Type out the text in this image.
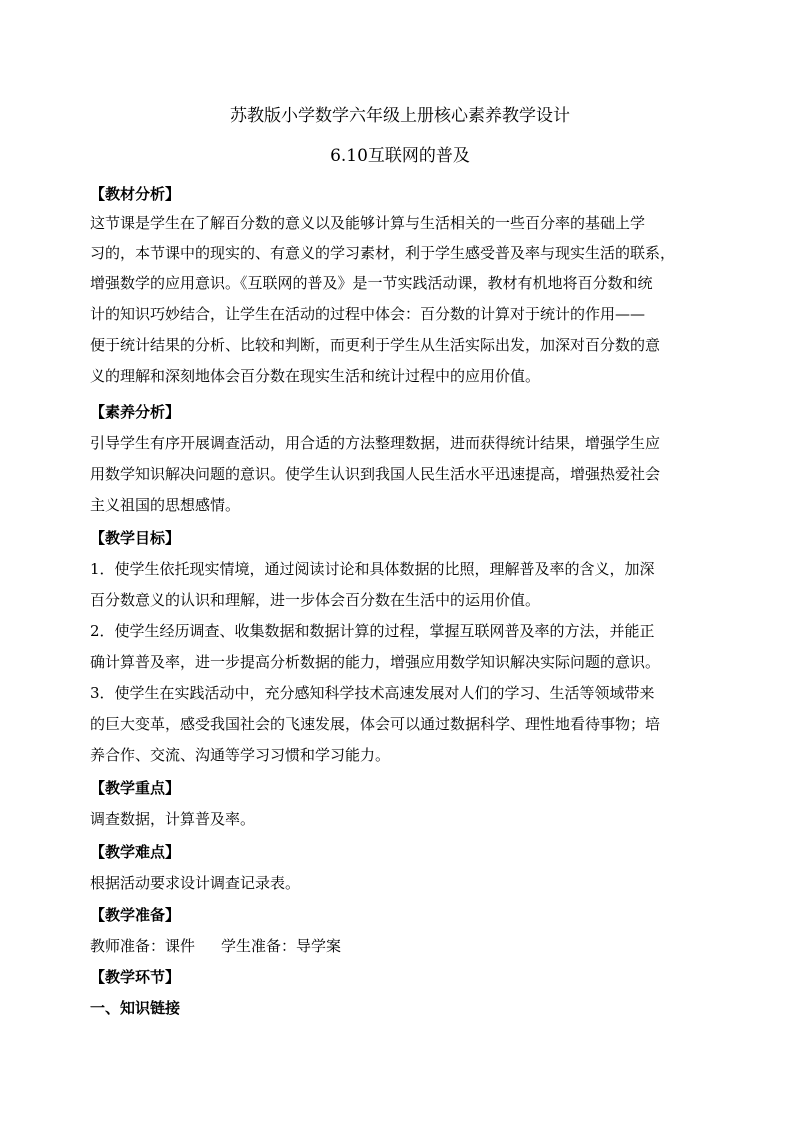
苏教版小学数学六年级上册核心素养教学设计
6.10互联网的普及
【教材分析】
这节课是学生在了解百分数的意义以及能够计算与生活相关的一些百分率的基础上学
习的，本节课中的现实的、有意义的学习素材，利于学生感受普及率与现实生活的联系，
增强数学的应用意识。《互联网的普及》是一节实践活动课，教材有机地将百分数和统
计的知识巧妙结合，让学生在活动的过程中体会：百分数的计算对于统计的作用——
便于统计结果的分析、比较和判断，而更利于学生从生活实际出发，加深对百分数的意
义的理解和深刻地体会百分数在现实生活和统计过程中的应用价值。
【素养分析】
引导学生有序开展调查活动，用合适的方法整理数据，进而获得统计结果，增强学生应
用数学知识解决问题的意识。使学生认识到我国人民生活水平迅速提高，增强热爱社会
主义祖国的思想感情。
【教学目标】
1．使学生依托现实情境，通过阅读讨论和具体数据的比照，理解普及率的含义，加深
百分数意义的认识和理解，进一步体会百分数在生活中的运用价值。
2．使学生经历调查、收集数据和数据计算的过程，掌握互联网普及率的方法，并能正
确计算普及率，进一步提高分析数据的能力，增强应用数学知识解决实际问题的意识。
3．使学生在实践活动中，充分感知科学技术高速发展对人们的学习、生活等领域带来
的巨大变革，感受我国社会的飞速发展，体会可以通过数据科学、理性地看待事物；培
养合作、交流、沟通等学习习惯和学习能力。
【教学重点】
调查数据，计算普及率。
【教学难点】
根据活动要求设计调查记录表。
【教学准备】
教师准备：课件 学生准备：导学案
【教学环节】
一、知识链接
